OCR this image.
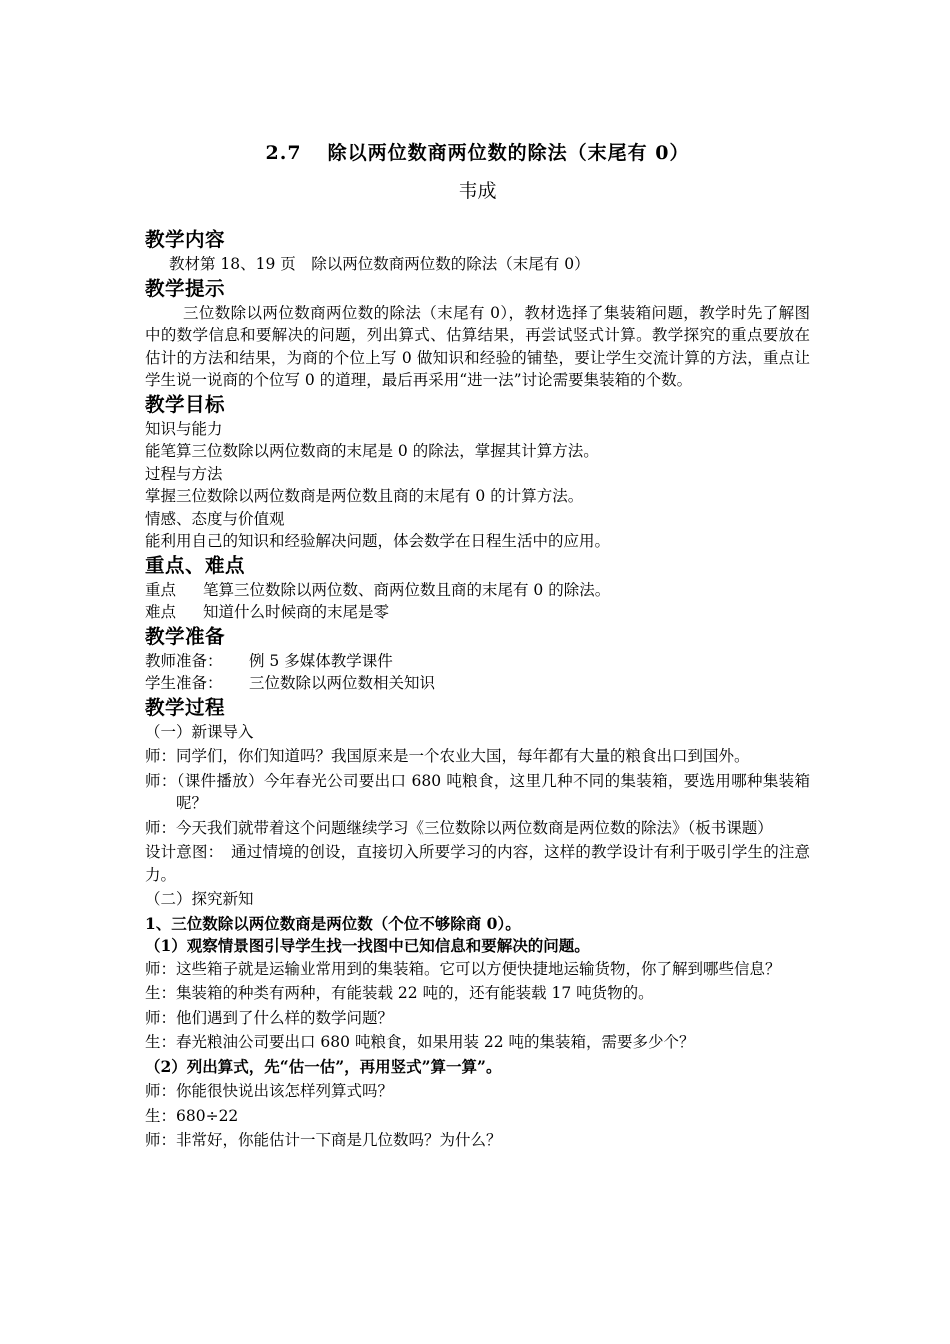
2.7 除以两位数商两位数的除法（末尾有 0）
韦成
教学内容

教材第 18、19 页　除以两位数商两位数的除法（末尾有 0）

教学提示

三位数除以两位数商两位数的除法（末尾有 0），教材选择了集装箱问题，教学时先了解图中的数学信息和要解决的问题，列出算式、估算结果，再尝试竖式计算。教学探究的重点要放在估计的方法和结果，为商的个位上写 0 做知识和经验的铺垫，要让学生交流计算的方法，重点让学生说一说商的个位写 0 的道理，最后再采用“进一法”讨论需要集装箱的个数。

教学目标

知识与能力

能笔算三位数除以两位数商的末尾是 0 的除法，掌握其计算方法。

过程与方法

掌握三位数除以两位数商是两位数且商的末尾有 0 的计算方法。

情感、态度与价值观

能利用自己的知识和经验解决问题，体会数学在日程生活中的应用。

重点、难点

重点 笔算三位数除以两位数、商两位数且商的末尾有 0 的除法。

难点 知道什么时候商的末尾是零

教学准备

教师准备： 例 5 多媒体教学课件

学生准备： 三位数除以两位数相关知识

教学过程

（一）新课导入

师：同学们，你们知道吗？我国原来是一个农业大国，每年都有大量的粮食出口到国外。

师：（课件播放）今年春光公司要出口 680 吨粮食，这里几种不同的集装箱，要选用哪种集装箱呢？

师：今天我们就带着这个问题继续学习《三位数除以两位数商是两位数的除法》（板书课题）

设计意图：　通过情境的创设，直接切入所要学习的内容，这样的教学设计有利于吸引学生的注意力。

（二）探究新知

1、三位数除以两位数商是两位数（个位不够除商 0）。

（1）观察情景图引导学生找一找图中已知信息和要解决的问题。

师：这些箱子就是运输业常用到的集装箱。它可以方便快捷地运输货物，你了解到哪些信息？

生：集装箱的种类有两种，有能装载 22 吨的，还有能装载 17 吨货物的。

师：他们遇到了什么样的数学问题？

生：春光粮油公司要出口 680 吨粮食，如果用装 22 吨的集装箱，需要多少个？

（2）列出算式，先“估一估”，再用竖式”算一算”。

师：你能很快说出该怎样列算式吗？

生：680÷22

师：非常好，你能估计一下商是几位数吗？为什么？
